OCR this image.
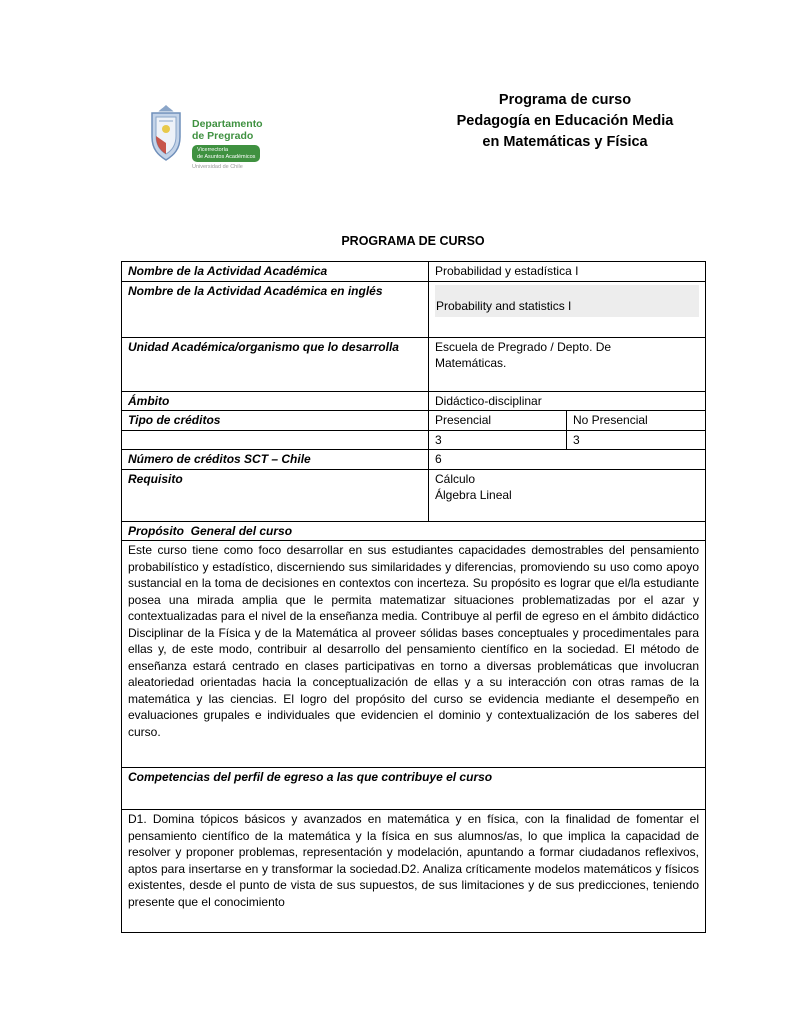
Departamento
de Pregrado
Vicerrectoría
de Asuntos Académicos
Universidad de Chile
Programa de curso
Pedagogía en Educación Media
en Matemáticas y Física
PROGRAMA DE CURSO
Nombre de la Actividad Académica	Probabilidad y estadística I	
Nombre de la Actividad Académica en inglés	Probability and statistics I	

Unidad Académica/organismo que lo desarrolla	Escuela de Pregrado / Depto. De
Matemáticas.	

Ámbito	Didáctico-disciplinar	
Tipo de créditos	Presencial	No Presencial
	3	3
Número de créditos SCT – Chile	6	
Requisito	Cálculo
Álgebra Lineal	

Propósito  General del curso		
Este curso tiene como foco desarrollar en sus estudiantes capacidades demostrables del pensamiento probabilístico y estadístico, discerniendo sus similaridades y diferencias, promoviendo su uso como apoyo sustancial en la toma de decisiones en contextos con incerteza. Su propósito es lograr que el/la estudiante posea una mirada amplia que le permita matematizar situaciones problematizadas por el azar y contextualizadas para el nivel de la enseñanza media. Contribuye al perfil de egreso en el ámbito didáctico Disciplinar de la Física y de la Matemática al proveer sólidas bases conceptuales y procedimentales para ellas y, de este modo, contribuir al desarrollo del pensamiento científico en la sociedad. El método de enseñanza estará centrado en clases participativas en torno a diversas problemáticas que involucran aleatoriedad orientadas hacia la conceptualización de ellas y a su interacción con otras ramas de la matemática y las ciencias. El logro del propósito del curso se evidencia mediante el desempeño en evaluaciones grupales e individuales que evidencien el dominio y contextualización de los saberes del curso.		
Competencias del perfil de egreso a las que contribuye el curso		
D1. Domina tópicos básicos y avanzados en matemática y en física, con la finalidad de fomentar el pensamiento científico de la matemática y la física en sus alumnos/as, lo que implica la capacidad de resolver y proponer problemas, representación y modelación, apuntando a formar ciudadanos reflexivos, aptos para insertarse en y transformar la sociedad.D2. Analiza críticamente modelos matemáticos y físicos existentes, desde el punto de vista de sus supuestos, de sus limitaciones y de sus predicciones, teniendo presente que el conocimiento		
